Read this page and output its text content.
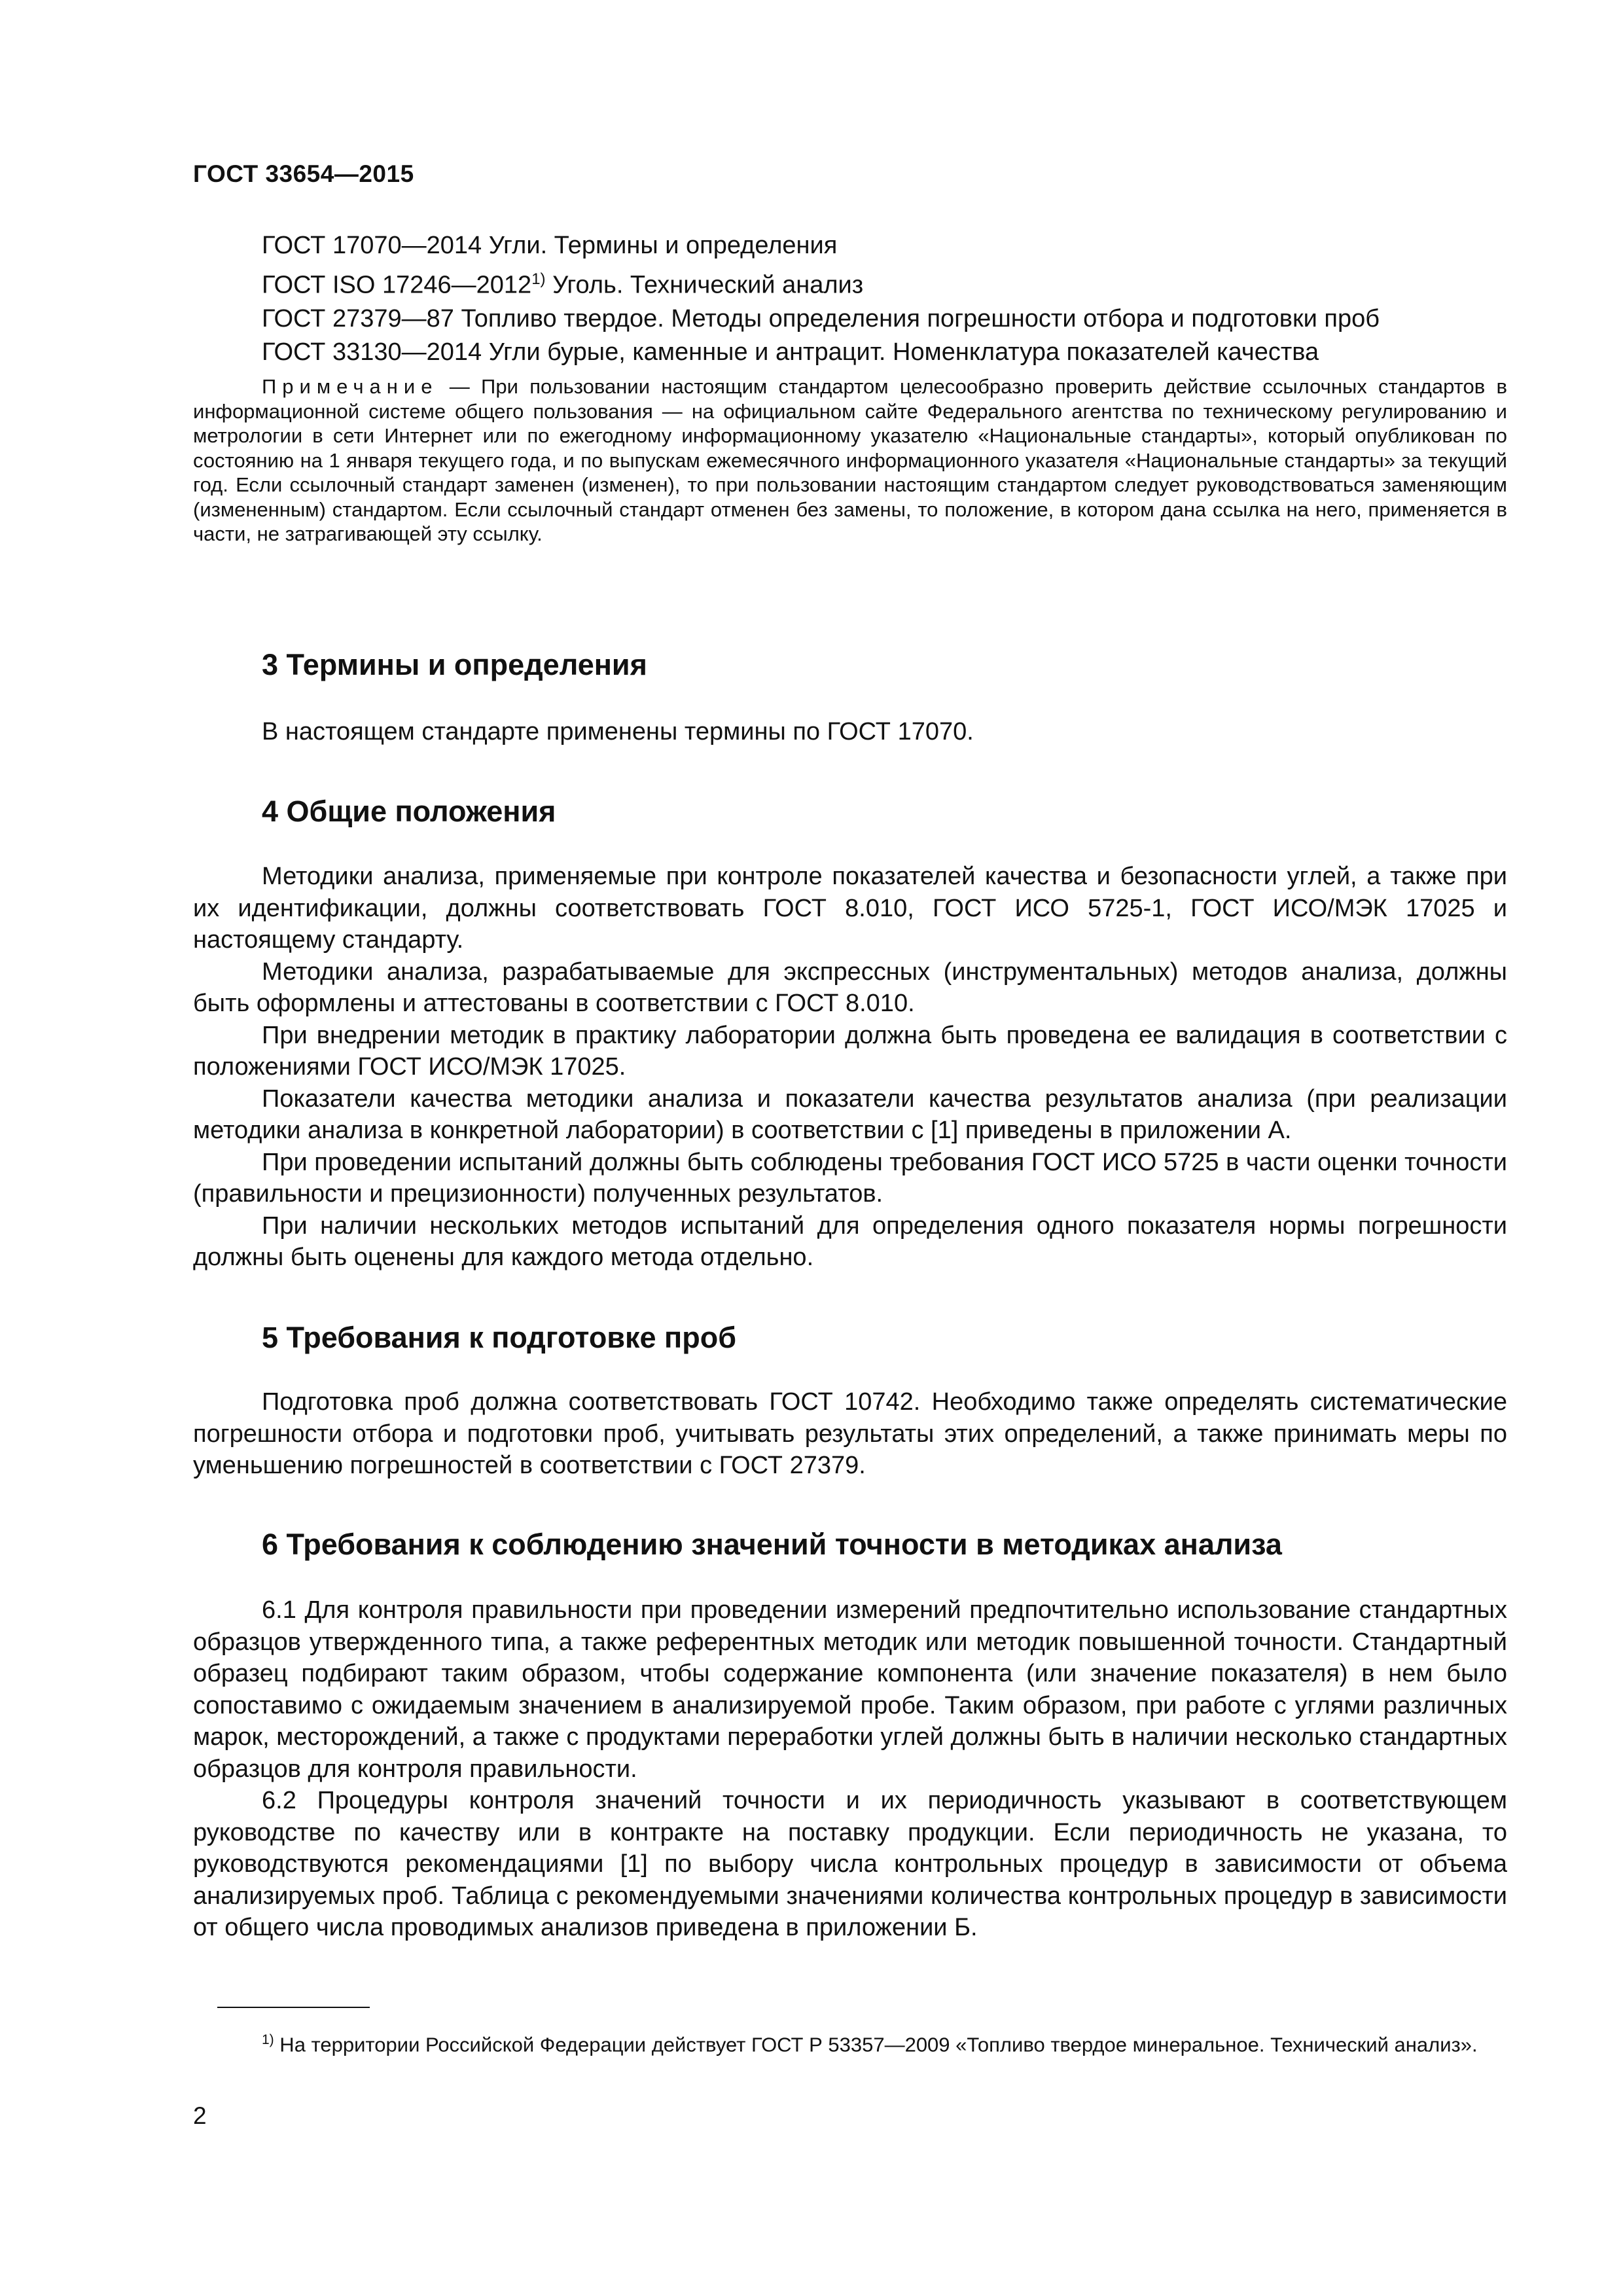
ГОСТ 33654—2015
ГОСТ 17070—2014 Угли. Термины и определения
ГОСТ ISO 17246—2012$^{1)}$ Уголь. Технический анализ
ГОСТ 27379—87 Топливо твердое. Методы определения погрешности отбора и подготовки проб
ГОСТ 33130—2014 Угли бурые, каменные и антрацит. Номенклатура показателей качества

Примечание — При пользовании настоящим стандартом целесообразно проверить действие ссылочных стандартов в информационной системе общего пользования — на официальном сайте Федерального агентства по техническому регулированию и метрологии в сети Интернет или по ежегодному информационному указателю «Национальные стандарты», который опубликован по состоянию на 1 января текущего года, и по выпускам ежемесячного информационного указателя «Национальные стандарты» за текущий год. Если ссылочный стандарт заменен (изменен), то при пользовании настоящим стандартом следует руководствоваться заменяющим (измененным) стандартом. Если ссылочный стандарт отменен без замены, то положение, в котором дана ссылка на него, применяется в части, не затрагивающей эту ссылку.

3 Термины и определения

В настоящем стандарте применены термины по ГОСТ 17070.

4 Общие положения

Методики анализа, применяемые при контроле показателей качества и безопасности углей, а также при их идентификации, должны соответствовать ГОСТ 8.010, ГОСТ ИСО 5725-1, ГОСТ ИСО/МЭК 17025 и настоящему стандарту.

Методики анализа, разрабатываемые для экспрессных (инструментальных) методов анализа, должны быть оформлены и аттестованы в соответствии с ГОСТ 8.010.

При внедрении методик в практику лаборатории должна быть проведена ее валидация в соответствии с положениями ГОСТ ИСО/МЭК 17025.

Показатели качества методики анализа и показатели качества результатов анализа (при реализации методики анализа в конкретной лаборатории) в соответствии с [1] приведены в приложении А.

При проведении испытаний должны быть соблюдены требования ГОСТ ИСО 5725 в части оценки точности (правильности и прецизионности) полученных результатов.

При наличии нескольких методов испытаний для определения одного показателя нормы погрешности должны быть оценены для каждого метода отдельно.

5 Требования к подготовке проб

Подготовка проб должна соответствовать ГОСТ 10742. Необходимо также определять систематические погрешности отбора и подготовки проб, учитывать результаты этих определений, а также принимать меры по уменьшению погрешностей в соответствии с ГОСТ 27379.

6 Требования к соблюдению значений точности в методиках анализа

6.1 Для контроля правильности при проведении измерений предпочтительно использование стандартных образцов утвержденного типа, а также референтных методик или методик повышенной точности. Стандартный образец подбирают таким образом, чтобы содержание компонента (или значение показателя) в нем было сопоставимо с ожидаемым значением в анализируемой пробе. Таким образом, при работе с углями различных марок, месторождений, а также с продуктами переработки углей должны быть в наличии несколько стандартных образцов для контроля правильности.

6.2 Процедуры контроля значений точности и их периодичность указывают в соответствующем руководстве по качеству или в контракте на поставку продукции. Если периодичность не указана, то руководствуются рекомендациями [1] по выбору числа контрольных процедур в зависимости от объема анализируемых проб. Таблица с рекомендуемыми значениями количества контрольных процедур в зависимости от общего числа проводимых анализов приведена в приложении Б.

$^{1)}$ На территории Российской Федерации действует ГОСТ Р 53357—2009 «Топливо твердое минеральное. Технический анализ».

2
